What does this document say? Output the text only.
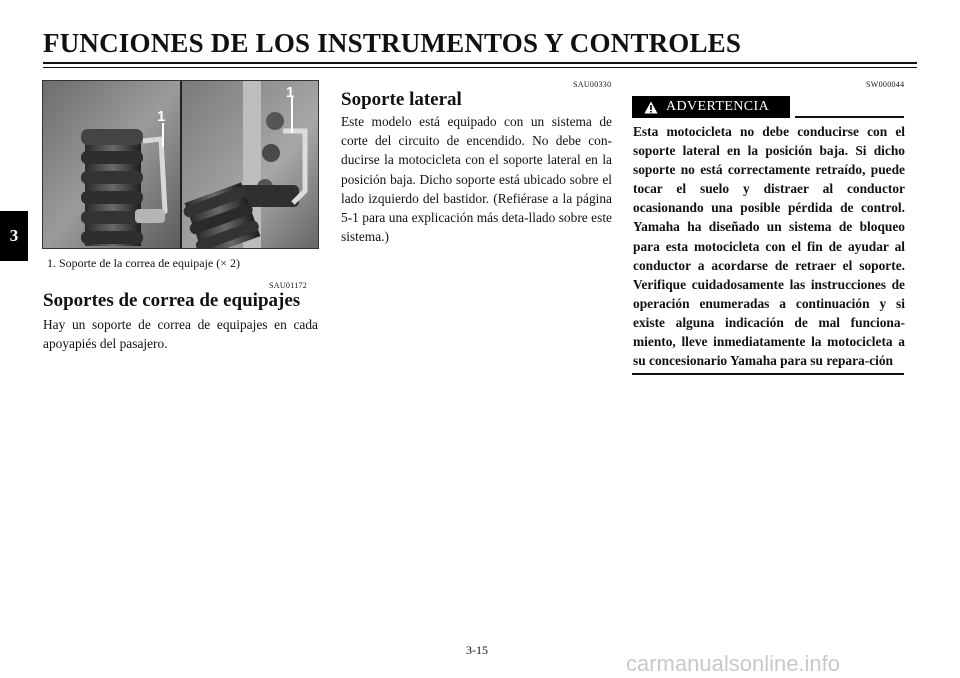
FUNCIONES DE LOS INSTRUMENTOS Y CONTROLES
3
1
1
1. Soporte de la correa de equipaje (× 2)
SAU01172
Soportes de correa de equipajes

Hay un soporte de correa de equipajes en cada apoyapiés del pasajero.

SAU00330
Soporte lateral

Este modelo está equipado con un sistema de corte del circuito de encendido. No debe con-ducirse la motocicleta con el soporte lateral en la posición baja. Dicho soporte está ubicado sobre el lado izquierdo del bastidor. (Refiérase a la página 5-1 para una explicación más deta-llado sobre este sistema.)

SW000044
ADVERTENCIA

Esta motocicleta no debe conducirse con el soporte lateral en la posición baja. Si dicho soporte no está correctamente retraído, puede tocar el suelo y distraer al conductor ocasionando una posible pérdida de control. Yamaha ha diseñado un sistema de bloqueo para esta motocicleta con el fin de ayudar al conductor a acordarse de retraer el soporte. Verifique cuidadosamente las instrucciones de operación enumeradas a continuación y si existe alguna indicación de mal funciona-miento, lleve inmediatamente la motocicleta a su concesionario Yamaha para su repara-ción

3-15
carmanualsonline.info
